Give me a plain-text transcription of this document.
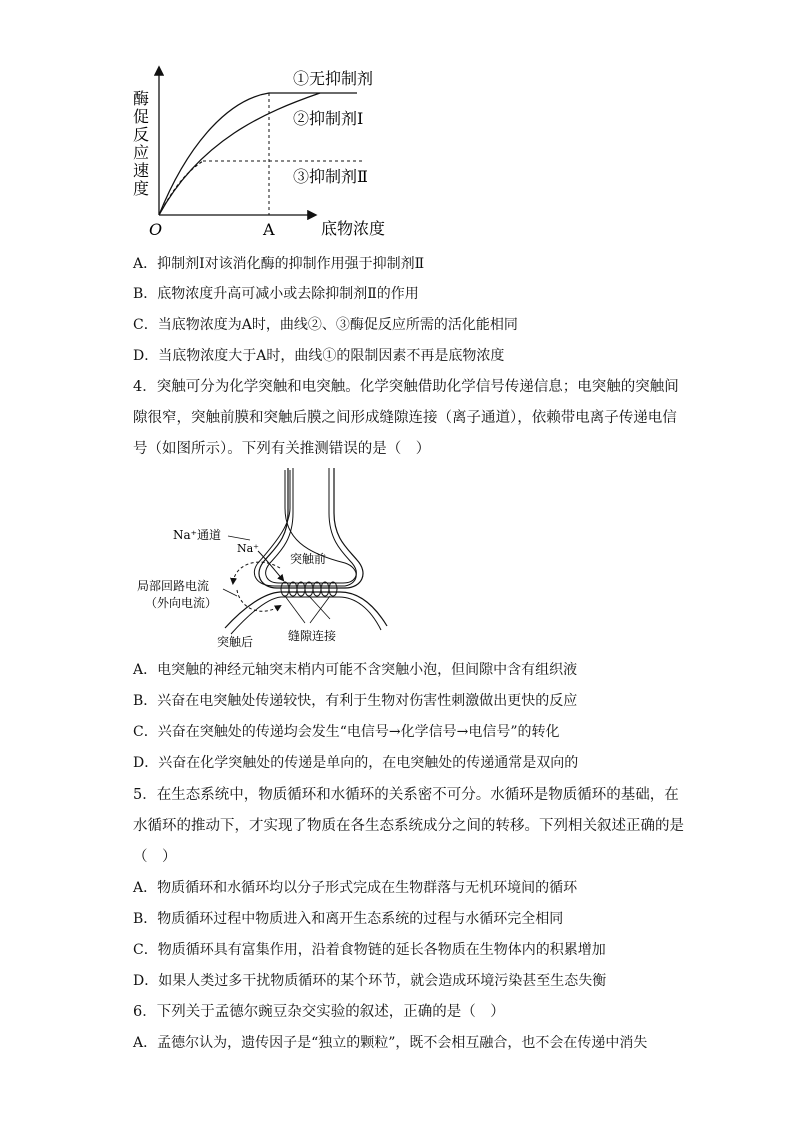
酶
促
反
应
速
度
O	A	底物浓度
①无抑制剂
②抑制剂Ⅰ
③抑制剂Ⅱ
A．抑制剂Ⅰ对该消化酶的抑制作用强于抑制剂Ⅱ
B．底物浓度升高可减小或去除抑制剂Ⅱ的作用
C．当底物浓度为A时，曲线②、③酶促反应所需的活化能相同
D．当底物浓度大于A时，曲线①的限制因素不再是底物浓度
4．突触可分为化学突触和电突触。化学突触借助化学信号传递信息；电突触的突触间
隙很窄，突触前膜和突触后膜之间形成缝隙连接（离子通道），依赖带电离子传递电信
号（如图所示）。下列有关推测错误的是（　）
Na⁺通道
Na⁺
突触前
局部回路电流
（外向电流）
突触后	缝隙连接
A．电突触的神经元轴突末梢内可能不含突触小泡，但间隙中含有组织液
B．兴奋在电突触处传递较快，有利于生物对伤害性刺激做出更快的反应
C．兴奋在突触处的传递均会发生“电信号→化学信号→电信号”的转化
D．兴奋在化学突触处的传递是单向的，在电突触处的传递通常是双向的
5．在生态系统中，物质循环和水循环的关系密不可分。水循环是物质循环的基础，在
水循环的推动下，才实现了物质在各生态系统成分之间的转移。下列相关叙述正确的是
（　）
A．物质循环和水循环均以分子形式完成在生物群落与无机环境间的循环
B．物质循环过程中物质进入和离开生态系统的过程与水循环完全相同
C．物质循环具有富集作用，沿着食物链的延长各物质在生物体内的积累增加
D．如果人类过多干扰物质循环的某个环节，就会造成环境污染甚至生态失衡
6．下列关于孟德尔豌豆杂交实验的叙述，正确的是（　）
A．孟德尔认为，遗传因子是“独立的颗粒”，既不会相互融合，也不会在传递中消失
